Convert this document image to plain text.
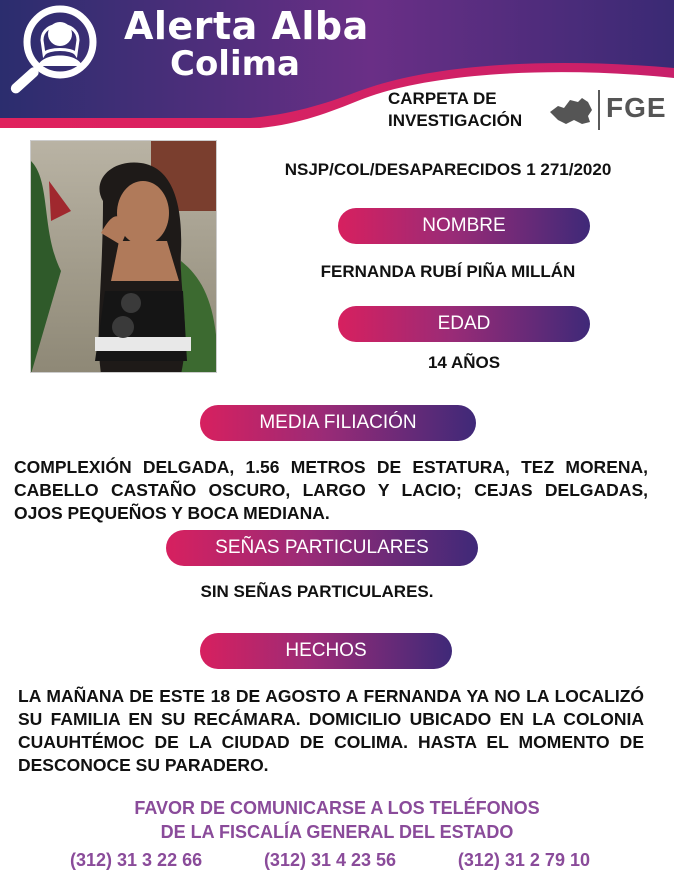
Alerta Alba
Colima
CARPETA DE
INVESTIGACIÓN	FGE
NSJP/COL/DESAPARECIDOS 1 271/2020
NOMBRE
FERNANDA RUBÍ PIÑA MILLÁN
EDAD
14 AÑOS
MEDIA FILIACIÓN
COMPLEXIÓN DELGADA, 1.56 METROS DE ESTATURA, TEZ MORENA, CABELLO CASTAÑO OSCURO, LARGO Y LACIO; CEJAS DELGADAS, OJOS PEQUEÑOS Y BOCA MEDIANA.
SEÑAS PARTICULARES
SIN SEÑAS PARTICULARES.
HECHOS
LA MAÑANA DE ESTE 18 DE AGOSTO A FERNANDA YA NO LA LOCALIZÓ SU FAMILIA EN SU RECÁMARA. DOMICILIO UBICADO EN LA COLONIA CUAUHTÉMOC DE LA CIUDAD DE COLIMA. HASTA EL MOMENTO DE DESCONOCE SU PARADERO.
FAVOR DE COMUNICARSE A LOS TELÉFONOS
DE LA FISCALÍA GENERAL DEL ESTADO
(312) 31 3 22 66	(312) 31 4 23 56	(312) 31 2 79 10
